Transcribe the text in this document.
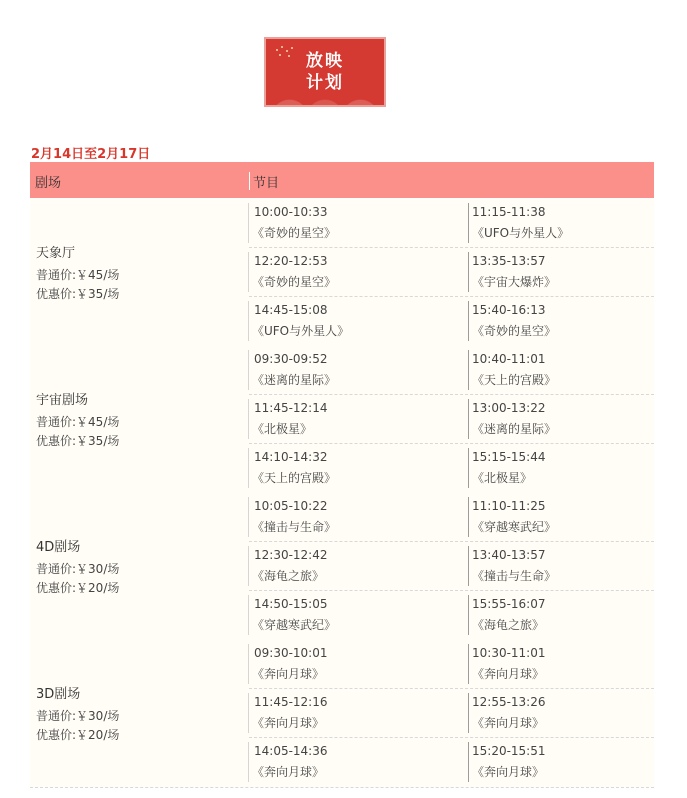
放映
计划
2月14日至2月17日
剧场	节目
天象厅
普通价:￥45/场
优惠价:￥35/场
10:00-10:33
《奇妙的星空》
11:15-11:38
《UFO与外星人》
12:20-12:53
《奇妙的星空》
13:35-13:57
《宇宙大爆炸》
14:45-15:08
《UFO与外星人》
15:40-16:13
《奇妙的星空》
宇宙剧场
普通价:￥45/场
优惠价:￥35/场
09:30-09:52
《迷离的星际》
10:40-11:01
《天上的宫殿》
11:45-12:14
《北极星》
13:00-13:22
《迷离的星际》
14:10-14:32
《天上的宫殿》
15:15-15:44
《北极星》
4D剧场
普通价:￥30/场
优惠价:￥20/场
10:05-10:22
《撞击与生命》
11:10-11:25
《穿越寒武纪》
12:30-12:42
《海龟之旅》
13:40-13:57
《撞击与生命》
14:50-15:05
《穿越寒武纪》
15:55-16:07
《海龟之旅》
3D剧场
普通价:￥30/场
优惠价:￥20/场
09:30-10:01
《奔向月球》
10:30-11:01
《奔向月球》
11:45-12:16
《奔向月球》
12:55-13:26
《奔向月球》
14:05-14:36
《奔向月球》
15:20-15:51
《奔向月球》
